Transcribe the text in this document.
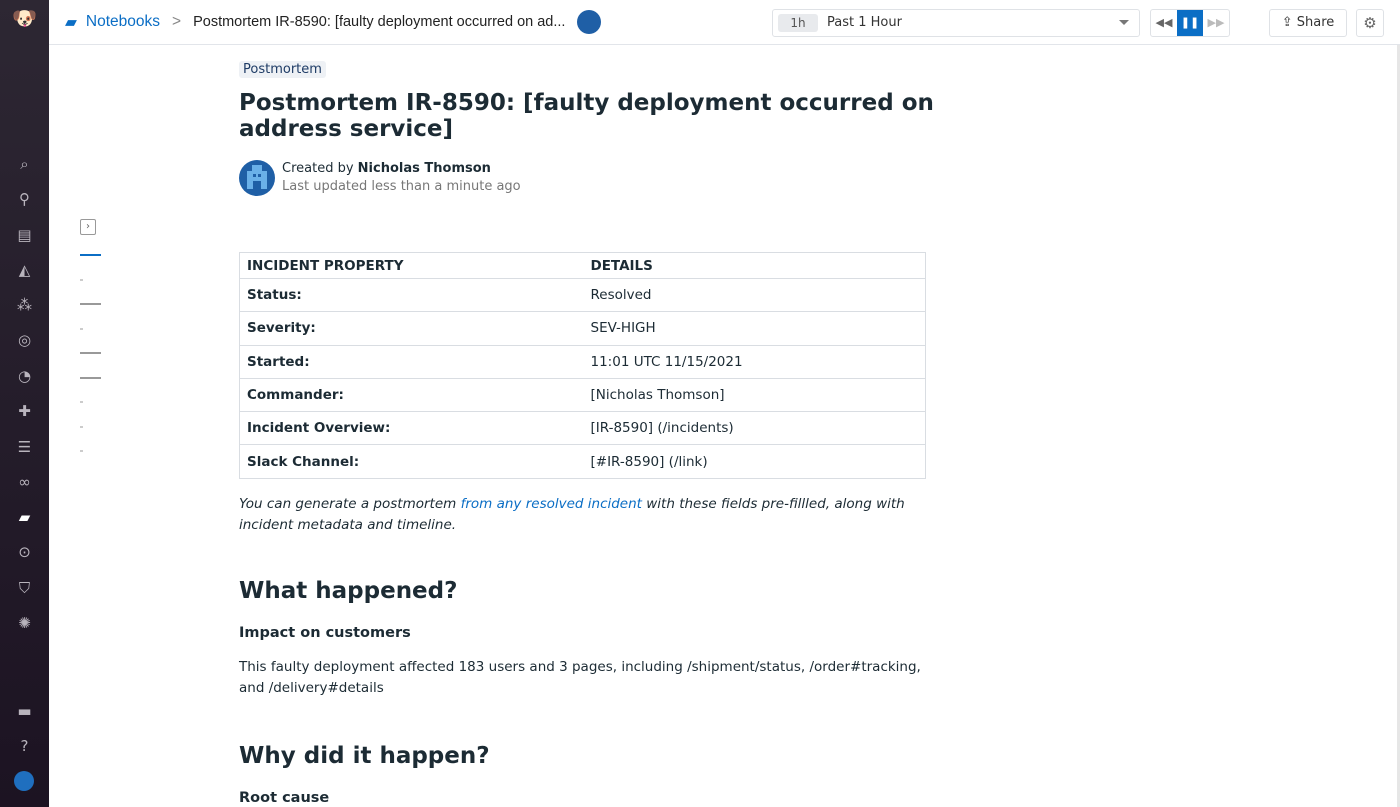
🐶
⌕
⚲
▤
◭
⁂
◎
◔
✚
☰
∞
▰
⊙
⛉
✺
▬
?
▰ Notebooks > Postmortem IR-8590: [faulty deployment occurred on ad...	1h	Past 1 Hour	◀◀ ❚❚ ▶▶	⇪ Share	⚙
›
Postmortem
Postmortem IR-8590: [faulty deployment occurred on address service]
Created by Nicholas Thomson
Last updated less than a minute ago
INCIDENT PROPERTY	DETAILS
Status:	Resolved
Severity:	SEV-HIGH
Started:	11:01 UTC 11/15/2021
Commander:	[Nicholas Thomson]
Incident Overview:	[IR-8590] (/incidents)
Slack Channel:	[#IR-8590] (/link)
You can generate a postmortem from any resolved incident with these fields pre-fillled, along with incident metadata and timeline.
What happened?
Impact on customers

This faulty deployment affected 183 users and 3 pages, including /shipment/status, /order#tracking, and /delivery#details

Why did it happen?
Root cause
